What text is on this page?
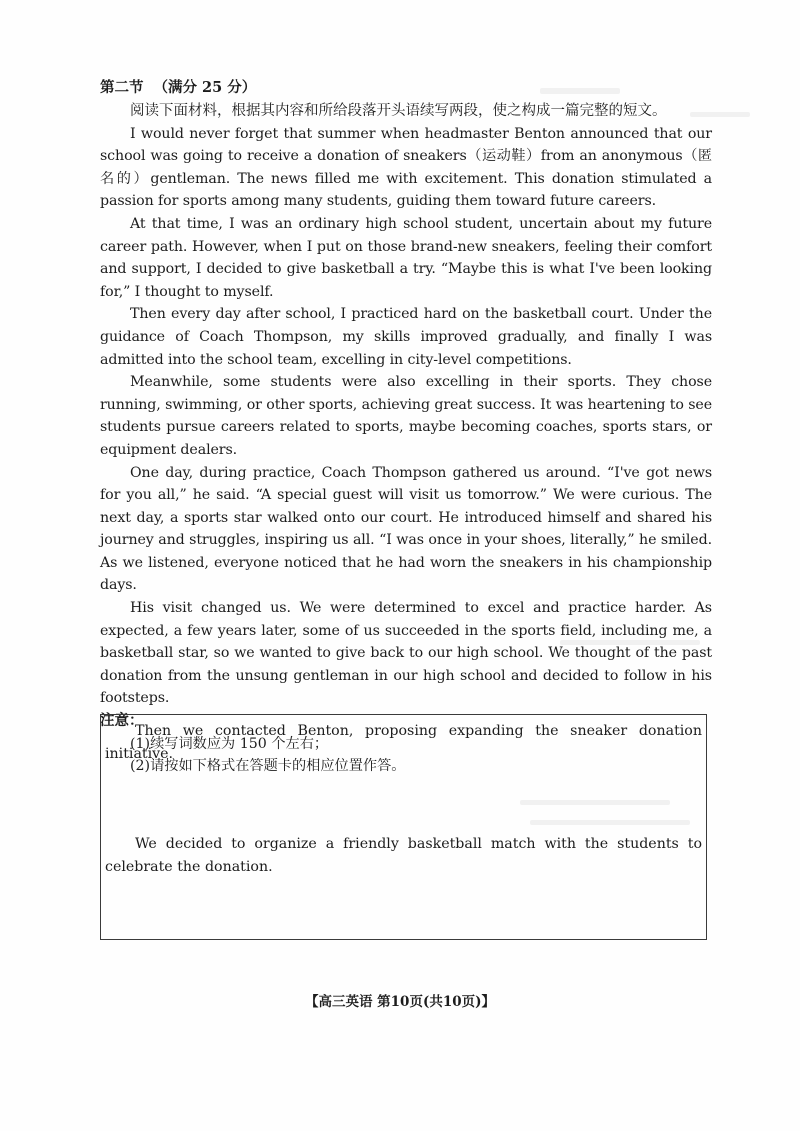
第二节 （满分 25 分）

阅读下面材料，根据其内容和所给段落开头语续写两段，使之构成一篇完整的短文。

I would never forget that summer when headmaster Benton announced that our school was going to receive a donation of sneakers（运动鞋）from an anonymous（匿名的）gentleman. The news filled me with excitement. This donation stimulated a passion for sports among many students, guiding them toward future careers.

At that time, I was an ordinary high school student, uncertain about my future career path. However, when I put on those brand-new sneakers, feeling their comfort and support, I decided to give basketball a try. “Maybe this is what I've been looking for,” I thought to myself.

Then every day after school, I practiced hard on the basketball court. Under the guidance of Coach Thompson, my skills improved gradually, and finally I was admitted into the school team, excelling in city-level competitions.

Meanwhile, some students were also excelling in their sports. They chose running, swimming, or other sports, achieving great success. It was heartening to see students pursue careers related to sports, maybe becoming coaches, sports stars, or equipment dealers.

One day, during practice, Coach Thompson gathered us around. “I've got news for you all,” he said. “A special guest will visit us tomorrow.” We were curious. The next day, a sports star walked onto our court. He introduced himself and shared his journey and struggles, inspiring us all. “I was once in your shoes, literally,” he smiled. As we listened, everyone noticed that he had worn the sneakers in his championship days.

His visit changed us. We were determined to excel and practice harder. As expected, a few years later, some of us succeeded in the sports field, including me, a basketball star, so we wanted to give back to our high school. We thought of the past donation from the unsung gentleman in our high school and decided to follow in his footsteps.

注意：

(1)续写词数应为 150 个左右；

(2)请按如下格式在答题卡的相应位置作答。

Then we contacted Benton, proposing expanding the sneaker donation initiative.

We decided to organize a friendly basketball match with the students to celebrate the donation.

【高三英语 第10页(共10页)】
